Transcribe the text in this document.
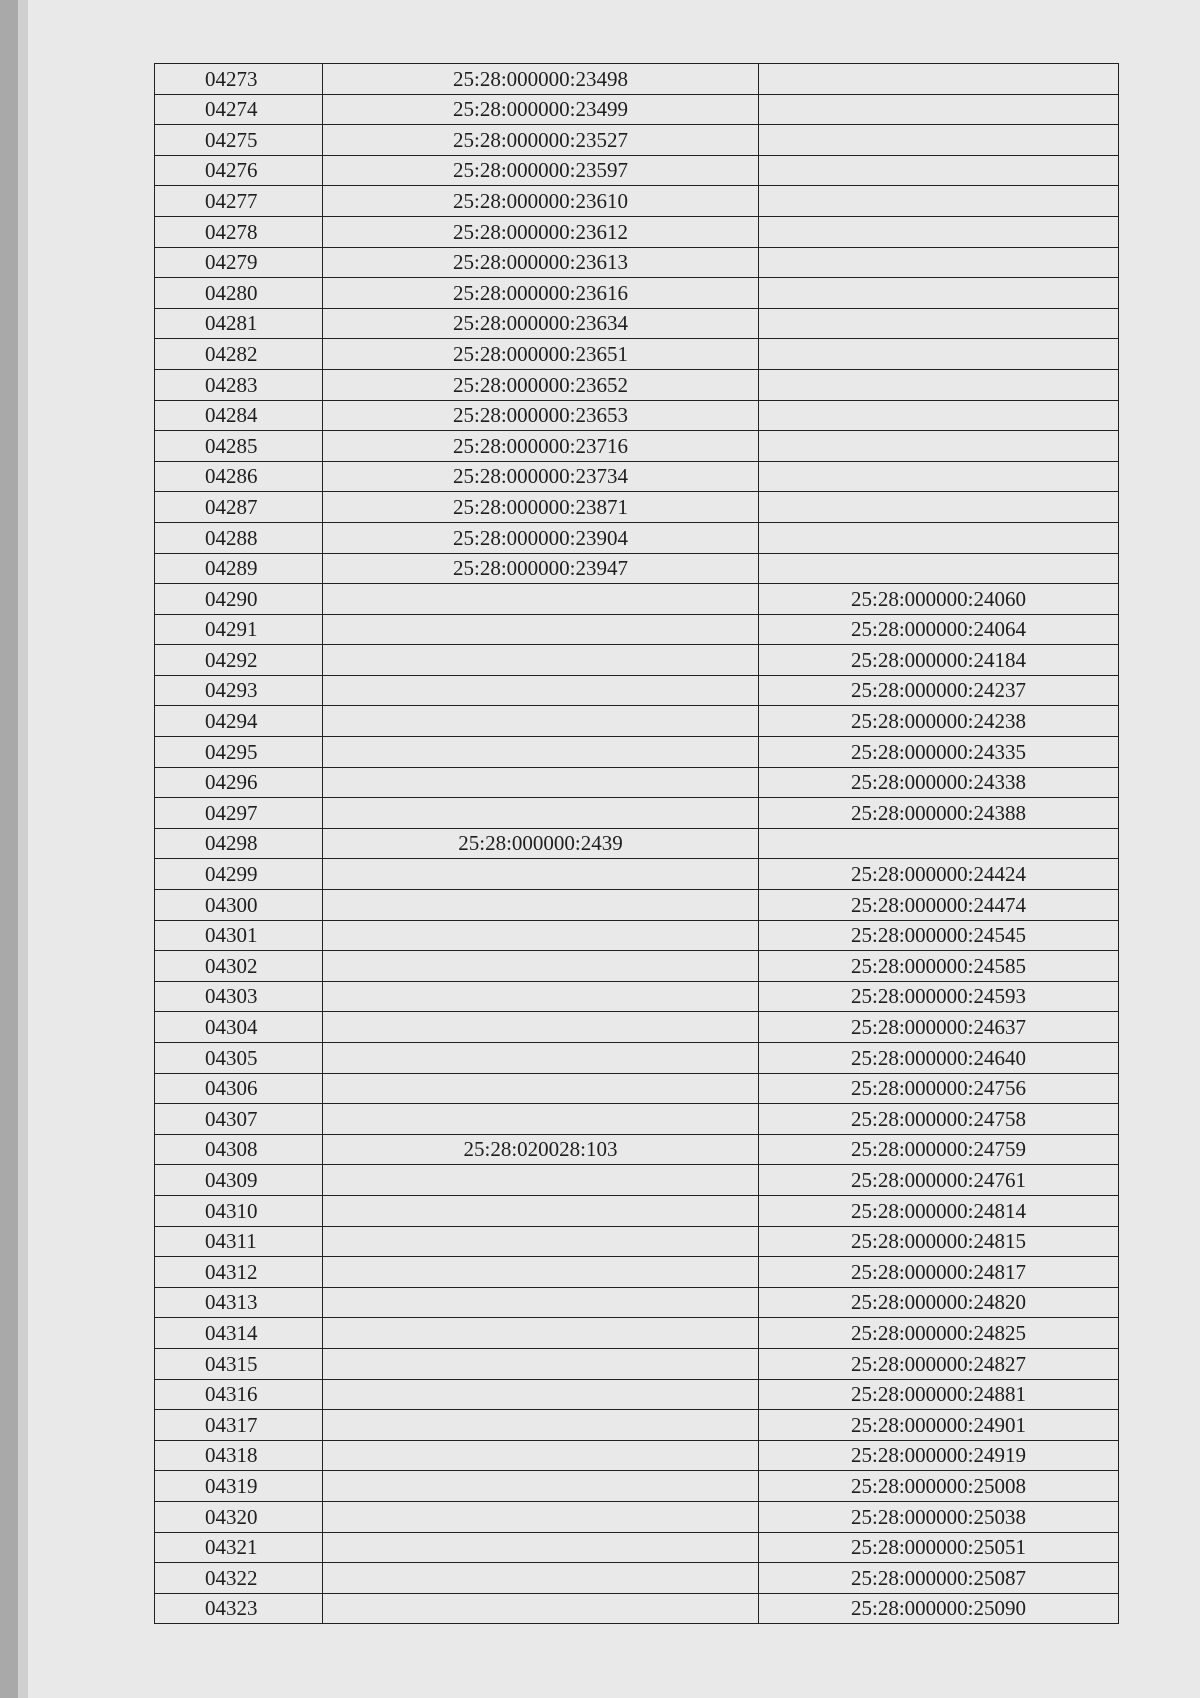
04273	25:28:000000:23498	
04274	25:28:000000:23499	
04275	25:28:000000:23527	
04276	25:28:000000:23597	
04277	25:28:000000:23610	
04278	25:28:000000:23612	
04279	25:28:000000:23613	
04280	25:28:000000:23616	
04281	25:28:000000:23634	
04282	25:28:000000:23651	
04283	25:28:000000:23652	
04284	25:28:000000:23653	
04285	25:28:000000:23716	
04286	25:28:000000:23734	
04287	25:28:000000:23871	
04288	25:28:000000:23904	
04289	25:28:000000:23947	
04290		25:28:000000:24060
04291		25:28:000000:24064
04292		25:28:000000:24184
04293		25:28:000000:24237
04294		25:28:000000:24238
04295		25:28:000000:24335
04296		25:28:000000:24338
04297		25:28:000000:24388
04298	25:28:000000:2439	
04299		25:28:000000:24424
04300		25:28:000000:24474
04301		25:28:000000:24545
04302		25:28:000000:24585
04303		25:28:000000:24593
04304		25:28:000000:24637
04305		25:28:000000:24640
04306		25:28:000000:24756
04307		25:28:000000:24758
04308	25:28:020028:103	25:28:000000:24759
04309		25:28:000000:24761
04310		25:28:000000:24814
04311		25:28:000000:24815
04312		25:28:000000:24817
04313		25:28:000000:24820
04314		25:28:000000:24825
04315		25:28:000000:24827
04316		25:28:000000:24881
04317		25:28:000000:24901
04318		25:28:000000:24919
04319		25:28:000000:25008
04320		25:28:000000:25038
04321		25:28:000000:25051
04322		25:28:000000:25087
04323		25:28:000000:25090
